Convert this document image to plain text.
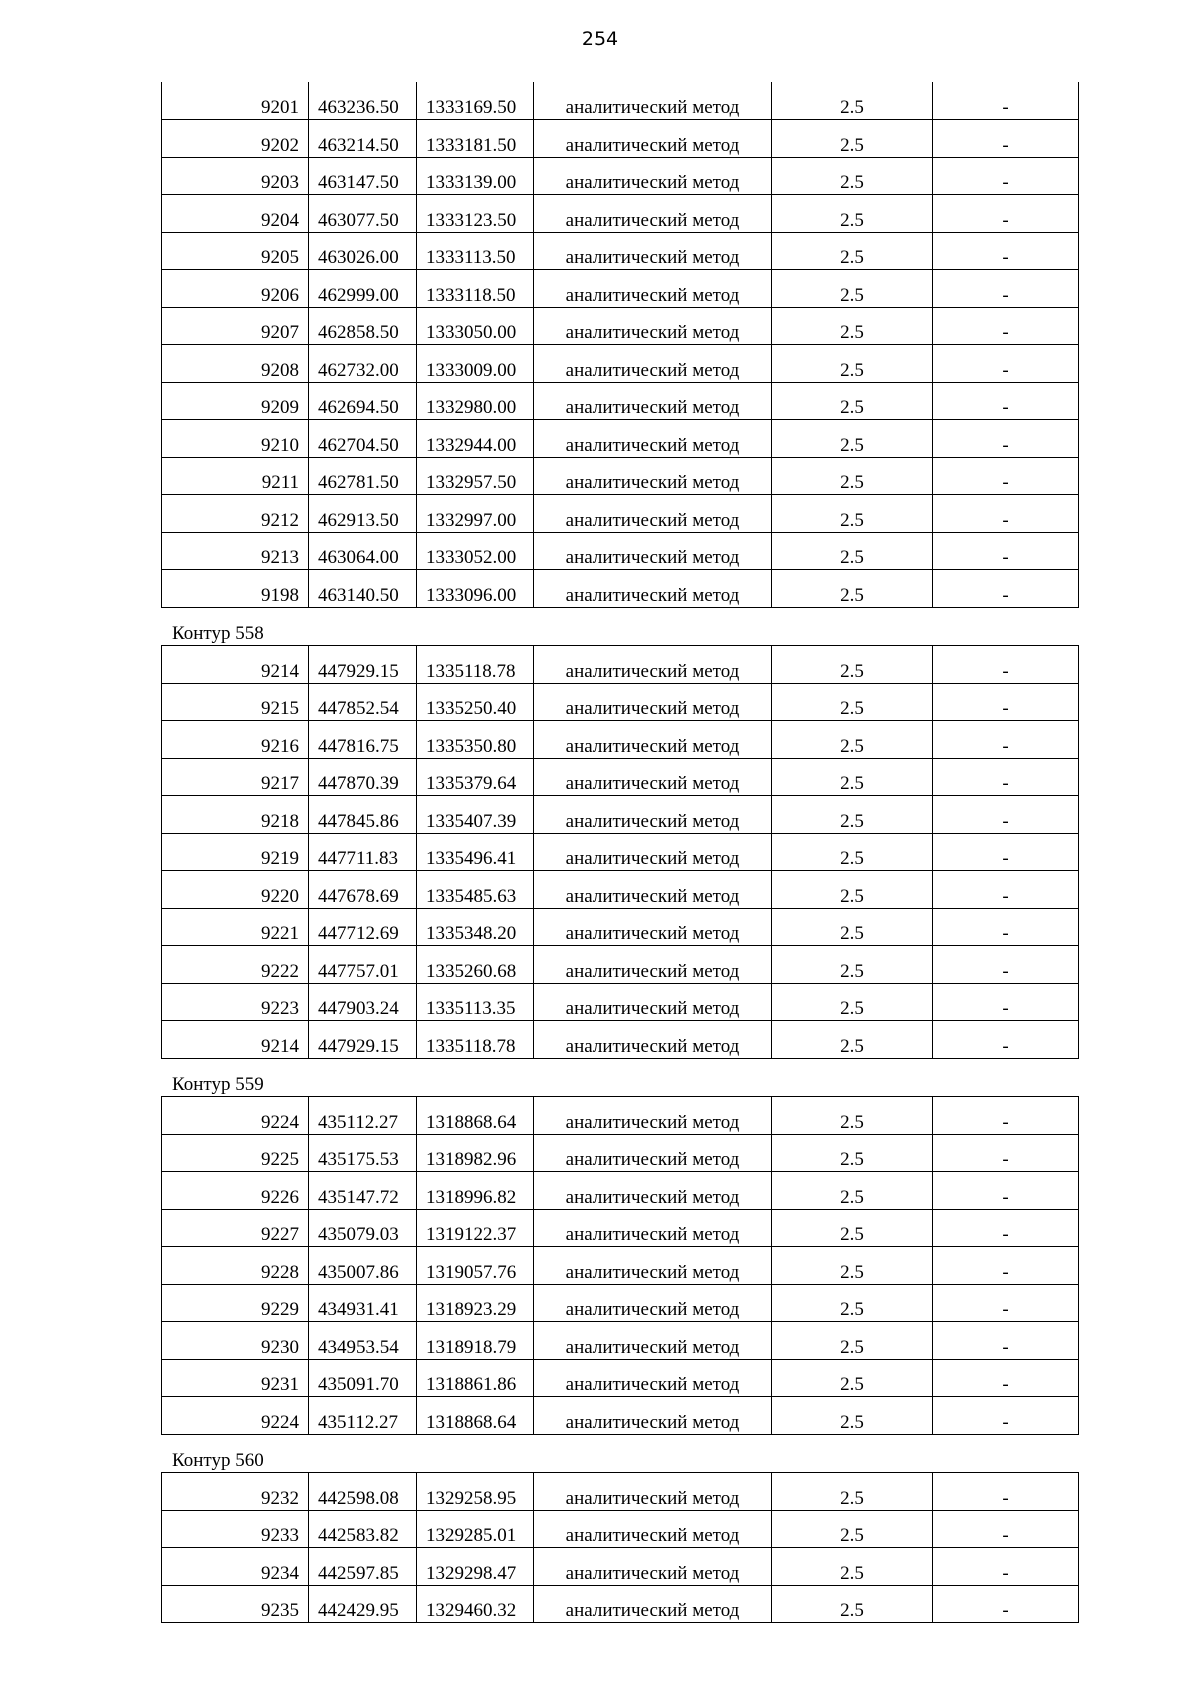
254
9201	463236.50	1333169.50	аналитический метод	2.5	-
9202	463214.50	1333181.50	аналитический метод	2.5	-
9203	463147.50	1333139.00	аналитический метод	2.5	-
9204	463077.50	1333123.50	аналитический метод	2.5	-
9205	463026.00	1333113.50	аналитический метод	2.5	-
9206	462999.00	1333118.50	аналитический метод	2.5	-
9207	462858.50	1333050.00	аналитический метод	2.5	-
9208	462732.00	1333009.00	аналитический метод	2.5	-
9209	462694.50	1332980.00	аналитический метод	2.5	-
9210	462704.50	1332944.00	аналитический метод	2.5	-
9211	462781.50	1332957.50	аналитический метод	2.5	-
9212	462913.50	1332997.00	аналитический метод	2.5	-
9213	463064.00	1333052.00	аналитический метод	2.5	-
9198	463140.50	1333096.00	аналитический метод	2.5	-
Контур 558
9214	447929.15	1335118.78	аналитический метод	2.5	-
9215	447852.54	1335250.40	аналитический метод	2.5	-
9216	447816.75	1335350.80	аналитический метод	2.5	-
9217	447870.39	1335379.64	аналитический метод	2.5	-
9218	447845.86	1335407.39	аналитический метод	2.5	-
9219	447711.83	1335496.41	аналитический метод	2.5	-
9220	447678.69	1335485.63	аналитический метод	2.5	-
9221	447712.69	1335348.20	аналитический метод	2.5	-
9222	447757.01	1335260.68	аналитический метод	2.5	-
9223	447903.24	1335113.35	аналитический метод	2.5	-
9214	447929.15	1335118.78	аналитический метод	2.5	-
Контур 559
9224	435112.27	1318868.64	аналитический метод	2.5	-
9225	435175.53	1318982.96	аналитический метод	2.5	-
9226	435147.72	1318996.82	аналитический метод	2.5	-
9227	435079.03	1319122.37	аналитический метод	2.5	-
9228	435007.86	1319057.76	аналитический метод	2.5	-
9229	434931.41	1318923.29	аналитический метод	2.5	-
9230	434953.54	1318918.79	аналитический метод	2.5	-
9231	435091.70	1318861.86	аналитический метод	2.5	-
9224	435112.27	1318868.64	аналитический метод	2.5	-
Контур 560
9232	442598.08	1329258.95	аналитический метод	2.5	-
9233	442583.82	1329285.01	аналитический метод	2.5	-
9234	442597.85	1329298.47	аналитический метод	2.5	-
9235	442429.95	1329460.32	аналитический метод	2.5	-
